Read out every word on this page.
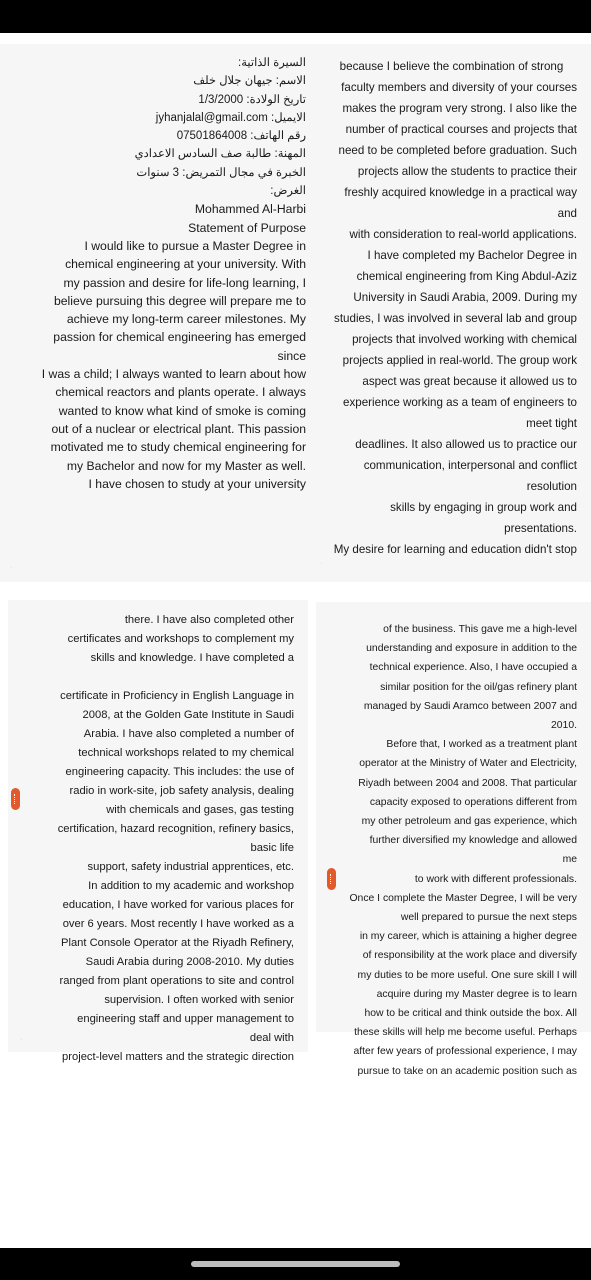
السيرة الذاتية:

الاسم: جيهان جلال خلف

تاريخ الولادة: 1/3/2000

الايميل: jyhanjalal@gmail.com

رقم الهاتف: 07501864008

المهنة: طالبة صف السادس الاعدادي

الخبرة في مجال التمريض: 3 سنوات

الغرض:

Mohammed Al-Harbi

Statement of Purpose

I would like to pursue a Master Degree in

chemical engineering at your university. With

my passion and desire for life-long learning, I

believe pursuing this degree will prepare me to

achieve my long-term career milestones. My

passion for chemical engineering has emerged

since

I was a child; I always wanted to learn about how

chemical reactors and plants operate. I always

wanted to know what kind of smoke is coming

out of a nuclear or electrical plant. This passion

motivated me to study chemical engineering for

my Bachelor and now for my Master as well.

I have chosen to study at your university

·

because I believe the combination of strong

faculty members and diversity of your courses

makes the program very strong. I also like the

number of practical courses and projects that

need to be completed before graduation. Such

projects allow the students to practice their

freshly acquired knowledge in a practical way

and

with consideration to real-world applications.

I have completed my Bachelor Degree in

chemical engineering from King Abdul-Aziz

University in Saudi Arabia, 2009. During my

studies, I was involved in several lab and group

projects that involved working with chemical

projects applied in real-world. The group work

aspect was great because it allowed us to

experience working as a team of engineers to

meet tight

deadlines. It also allowed us to practice our

communication, interpersonal and conflict

resolution

skills by engaging in group work and

presentations.

My desire for learning and education didn't stop

·

there. I have also completed other

certificates and workshops to complement my

skills and knowledge. I have completed a

certificate in Proficiency in English Language in

2008, at the Golden Gate Institute in Saudi

Arabia. I have also completed a number of

technical workshops related to my chemical

engineering capacity. This includes: the use of

radio in work-site, job safety analysis, dealing

with chemicals and gases, gas testing

certification, hazard recognition, refinery basics,

basic life

support, safety industrial apprentices, etc.

In addition to my academic and workshop

education, I have worked for various places for

over 6 years. Most recently I have worked as a

Plant Console Operator at the Riyadh Refinery,

Saudi Arabia during 2008-2010. My duties

ranged from plant operations to site and control

supervision. I often worked with senior

engineering staff and upper management to

deal with

project-level matters and the strategic direction

·

of the business. This gave me a high-level

understanding and exposure in addition to the

technical experience. Also, I have occupied a

similar position for the oil/gas refinery plant

managed by Saudi Aramco between 2007 and

2010.

Before that, I worked as a treatment plant

operator at the Ministry of Water and Electricity,

Riyadh between 2004 and 2008. That particular

capacity exposed to operations different from

my other petroleum and gas experience, which

further diversified my knowledge and allowed

me

to work with different professionals.

Once I complete the Master Degree, I will be very

well prepared to pursue the next steps

in my career, which is attaining a higher degree

of responsibility at the work place and diversify

my duties to be more useful. One sure skill I will

acquire during my Master degree is to learn

how to be critical and think outside the box. All

these skills will help me become useful. Perhaps

after few years of professional experience, I may

pursue to take on an academic position such as
